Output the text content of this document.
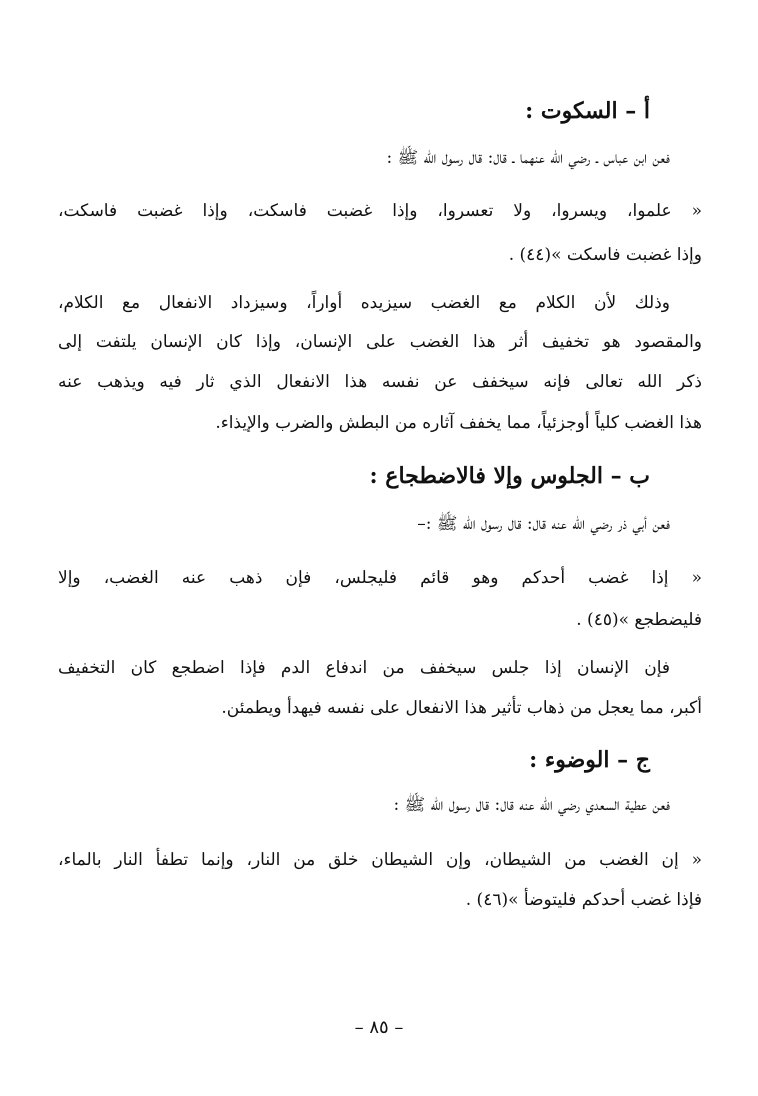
أ – السكوت :
فعن ابن عباس ـ رضي الله عنهما ـ قال: قال رسول الله ﷺ :
« علموا، ويسروا، ولا تعسروا، وإذا غضبت فاسكت، وإذا غضبت فاسكت،
وإذا غضبت فاسكت »(٤٤) .
وذلك لأن الكلام مع الغضب سيزيده أواراً، وسيزداد الانفعال مع الكلام،
والمقصود هو تخفيف أثر هذا الغضب على الإنسان، وإذا كان الإنسان يلتفت إلى
ذكر الله تعالى فإنه سيخفف عن نفسه هذا الانفعال الذي ثار فيه ويذهب عنه
هذا الغضب كلياً أوجزئياً، مما يخفف آثاره من البطش والضرب والإيذاء.
ب – الجلوس وإلا فالاضطجاع :
فعن أبي ذر رضي الله عنه قال: قال رسول الله ﷺ :–
« إذا غضب أحدكم وهو قائم فليجلس، فإن ذهب عنه الغضب، وإلا
فليضطجع »(٤٥) .
فإن الإنسان إذا جلس سيخفف من اندفاع الدم فإذا اضطجع كان التخفيف
أكبر، مما يعجل من ذهاب تأثير هذا الانفعال على نفسه فيهدأ ويطمئن.
ج – الوضوء :
فعن عطية السعدي رضي الله عنه قال: قال رسول الله ﷺ :
« إن الغضب من الشيطان، وإن الشيطان خلق من النار، وإنما تطفأ النار بالماء،
فإذا غضب أحدكم فليتوضأ »(٤٦) .
– ٨٥ –
